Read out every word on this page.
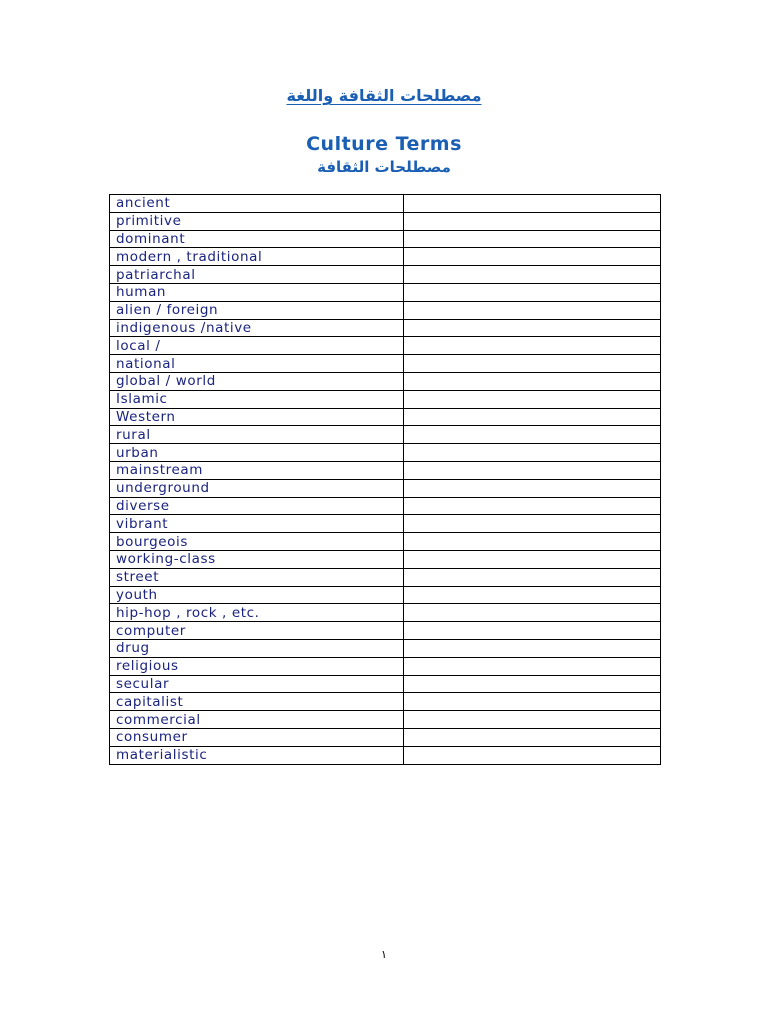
مصطلحات الثقافة واللغة
Culture Terms
مصطلحات الثقافة
ancient	
primitive	
dominant	
modern , traditional	
patriarchal	
human	
alien / foreign	
indigenous /native	
local /	
national	
global / world	
Islamic	
Western	
rural	
urban	
mainstream	
underground	
diverse	
vibrant	
bourgeois	
working-class	
street	
youth	
hip-hop , rock , etc.	
computer	
drug	
religious	
secular	
capitalist	
commercial	
consumer	
materialistic	
١
